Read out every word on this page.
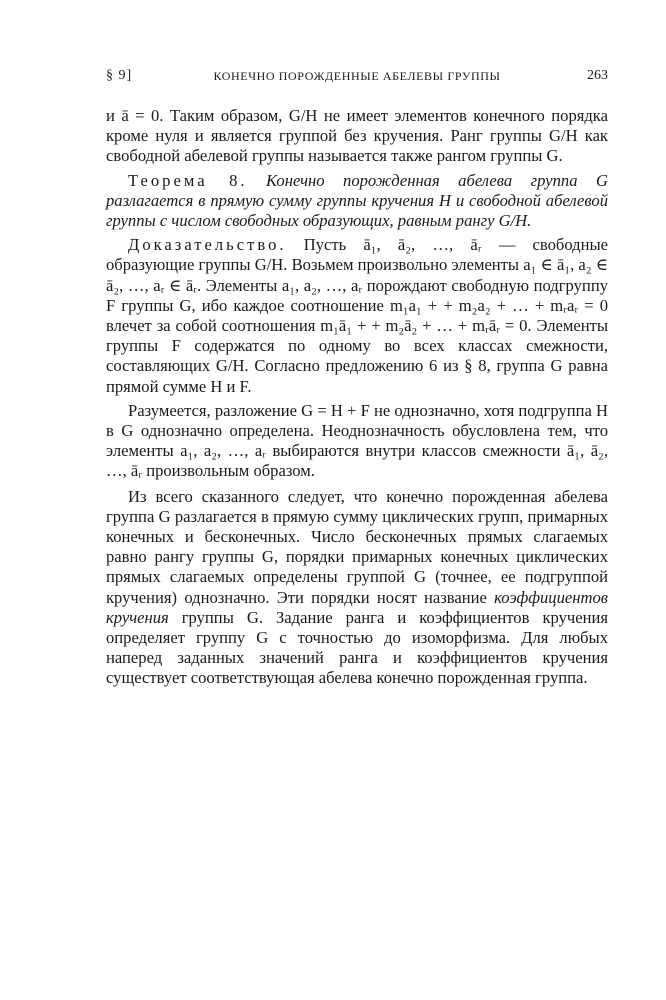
§ 9]	КОНЕЧНО ПОРОЖДЕННЫЕ АБЕЛЕВЫ ГРУППЫ	263

и ā = 0. Таким образом, G/H не имеет элементов конечного порядка кроме нуля и является группой без кручения. Ранг группы G/H как свободной абелевой группы называется также рангом группы G.

Теорема 8. Конечно порожденная абелева группа G разлагается в прямую сумму группы кручения H и свободной абелевой группы с числом свободных образующих, равным рангу G/H.

Доказательство. Пусть ā₁, ā₂, …, āᵣ — свободные образующие группы G/H. Возьмем произвольно элементы a₁ ∈ ā₁, a₂ ∈ ā₂, …, aᵣ ∈ āᵣ. Элементы a₁, a₂, …, aᵣ порождают свободную подгруппу F группы G, ибо каждое соотношение m₁a₁ + + m₂a₂ + … + mᵣaᵣ = 0 влечет за собой соотношения m₁ā₁ + + m₂ā₂ + … + mᵣāᵣ = 0. Элементы группы F содержатся по одному во всех классах смежности, составляющих G/H. Согласно предложению 6 из § 8, группа G равна прямой сумме H и F.

Разумеется, разложение G = H + F не однозначно, хотя подгруппа H в G однозначно определена. Неоднозначность обусловлена тем, что элементы a₁, a₂, …, aᵣ выбираются внутри классов смежности ā₁, ā₂, …, āᵣ произвольным образом.

Из всего сказанного следует, что конечно порожденная абелева группа G разлагается в прямую сумму циклических групп, примарных конечных и бесконечных. Число бесконечных прямых слагаемых равно рангу группы G, порядки примарных конечных циклических прямых слагаемых определены группой G (точнее, ее подгруппой кручения) однозначно. Эти порядки носят название коэффициентов кручения группы G. Задание ранга и коэффициентов кручения определяет группу G с точностью до изоморфизма. Для любых наперед заданных значений ранга и коэффициентов кручения существует соответствующая абелева конечно порожденная группа.
